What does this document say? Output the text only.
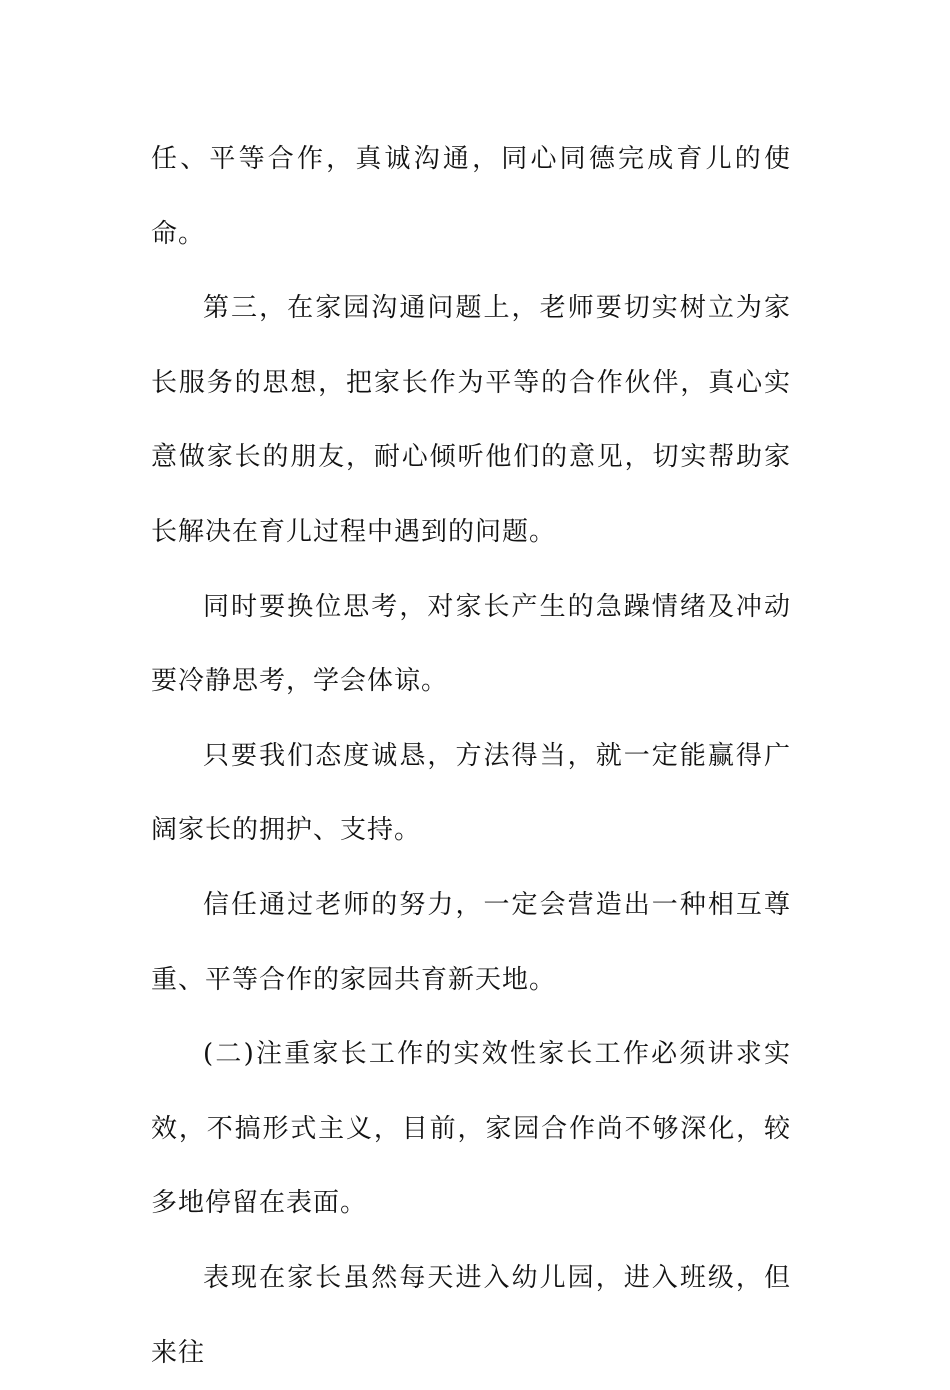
任、平等合作，真诚沟通，同心同德完成育儿的使命。

第三，在家园沟通问题上，老师要切实树立为家长服务的思想，把家长作为平等的合作伙伴，真心实意做家长的朋友，耐心倾听他们的意见，切实帮助家长解决在育儿过程中遇到的问题。

同时要换位思考，对家长产生的急躁情绪及冲动要冷静思考，学会体谅。

只要我们态度诚恳，方法得当，就一定能赢得广阔家长的拥护、支持。

信任通过老师的努力，一定会营造出一种相互尊重、平等合作的家园共育新天地。

(二)注重家长工作的实效性家长工作必须讲求实效，不搞形式主义，目前，家园合作尚不够深化，较多地停留在表面。

表现在家长虽然每天进入幼儿园，进入班级，但来往
